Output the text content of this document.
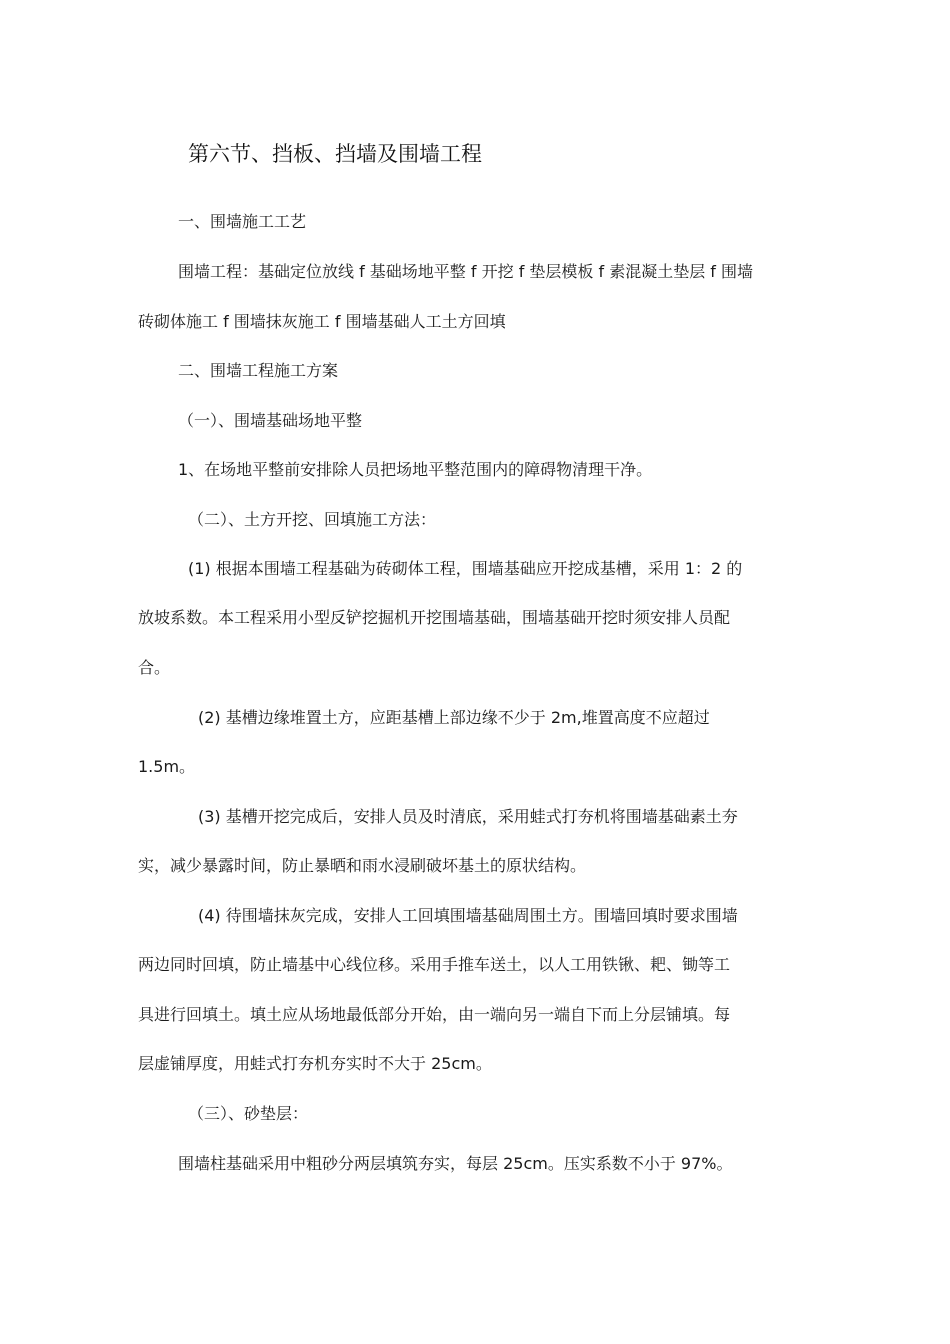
第六节、挡板、挡墙及围墙工程
一、围墙施工工艺
围墙工程：基础定位放线 f 基础场地平整 f 开挖 f 垫层模板 f 素混凝土垫层 f 围墙
砖砌体施工 f 围墙抹灰施工 f 围墙基础人工土方回填
二、围墙工程施工方案
（一）、围墙基础场地平整
1、在场地平整前安排除人员把场地平整范围内的障碍物清理干净。
（二）、土方开挖、回填施工方法：
(1) 根据本围墙工程基础为砖砌体工程，围墙基础应开挖成基槽，采用 1：2 的
放坡系数。本工程采用小型反铲挖掘机开挖围墙基础，围墙基础开挖时须安排人员配
合。
(2) 基槽边缘堆置土方，应距基槽上部边缘不少于 2m,堆置高度不应超过
1.5m。
(3) 基槽开挖完成后，安排人员及时清底，采用蛙式打夯机将围墙基础素土夯
实，减少暴露时间，防止暴晒和雨水浸刷破坏基土的原状结构。
(4) 待围墙抹灰完成，安排人工回填围墙基础周围土方。围墙回填时要求围墙
两边同时回填，防止墙基中心线位移。采用手推车送土，以人工用铁锹、耙、锄等工
具进行回填土。填土应从场地最低部分开始，由一端向另一端自下而上分层铺填。每
层虚铺厚度，用蛙式打夯机夯实时不大于 25cm。
（三）、砂垫层：
围墙柱基础采用中粗砂分两层填筑夯实，每层 25cm。压实系数不小于 97%。
